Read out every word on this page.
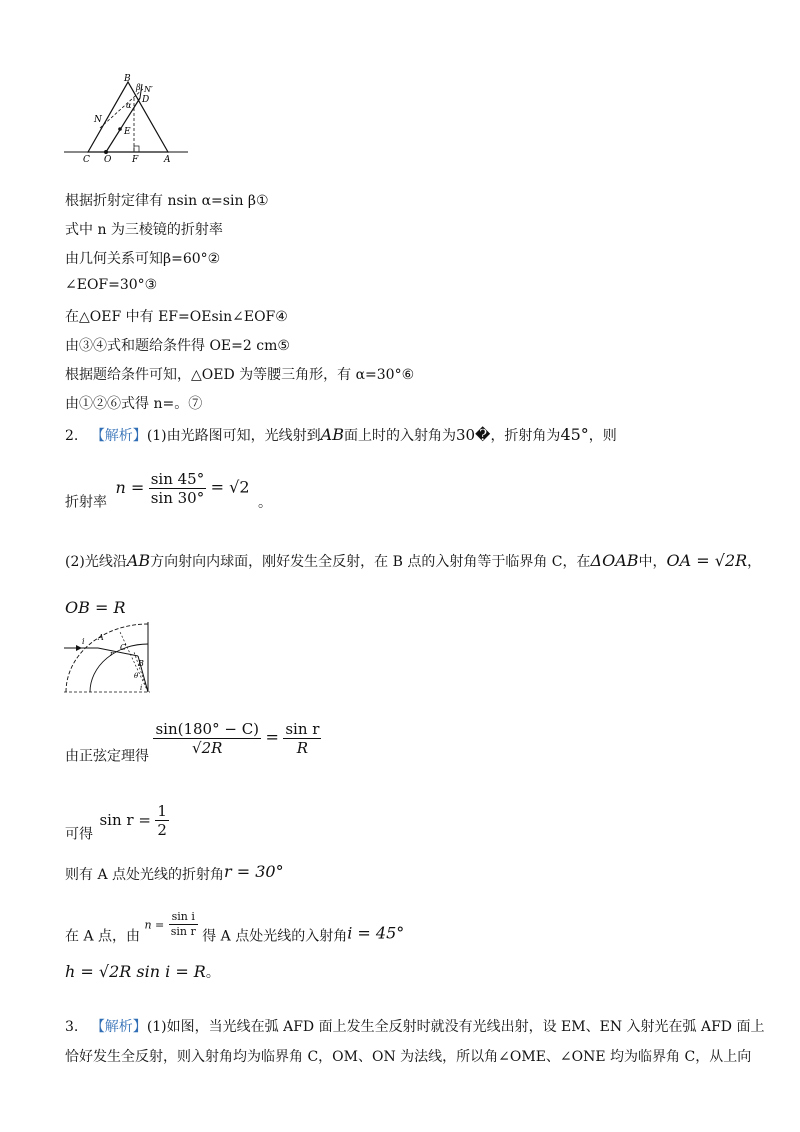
B
β N′
D
α
N
E
C O F	A
根据折射定律有 nsin α=sin β①
式中 n 为三棱镜的折射率
由几何关系可知β=60°②
∠EOF=30°③
在△OEF 中有 EF=OEsin∠EOF④
由③④式和题给条件得 OE=2 cm⑤
根据题给条件可知，△OED 为等腰三角形，有 α=30°⑥
由①②⑥式得 n=。⑦
2. 【解析】(1)由光路图可知，光线射到AB面上时的入射角为30�，折射角为45°，则
折射率 $n = \frac{\sin 45^\circ}{\sin 30^\circ} = √2$ 。
(2)光线沿AB方向射向内球面，刚好发生全反射，在 B 点的入射角等于临界角 C，在ΔOAB中，OA = √2R，
OB = R
i A
C
r
B
θ
i
由正弦定理得 $\frac{\sin(180^\circ - C)}{√2R} = \frac{\text{sin r}}{R}$
可得 $\sin r = \frac{1}{2}$
则有 A 点处光线的折射角r = 30°
在 A 点，由 $n = \frac{\text{sin i}}{\text{sin r}}$ 得 A 点处光线的入射角i = 45°
h = √2R sin i = R。
3. 【解析】(1)如图，当光线在弧 AFD 面上发生全反射时就没有光线出射，设 EM、EN 入射光在弧 AFD 面上
恰好发生全反射，则入射角均为临界角 C，OM、ON 为法线，所以角∠OME、∠ONE 均为临界角 C，从上向
